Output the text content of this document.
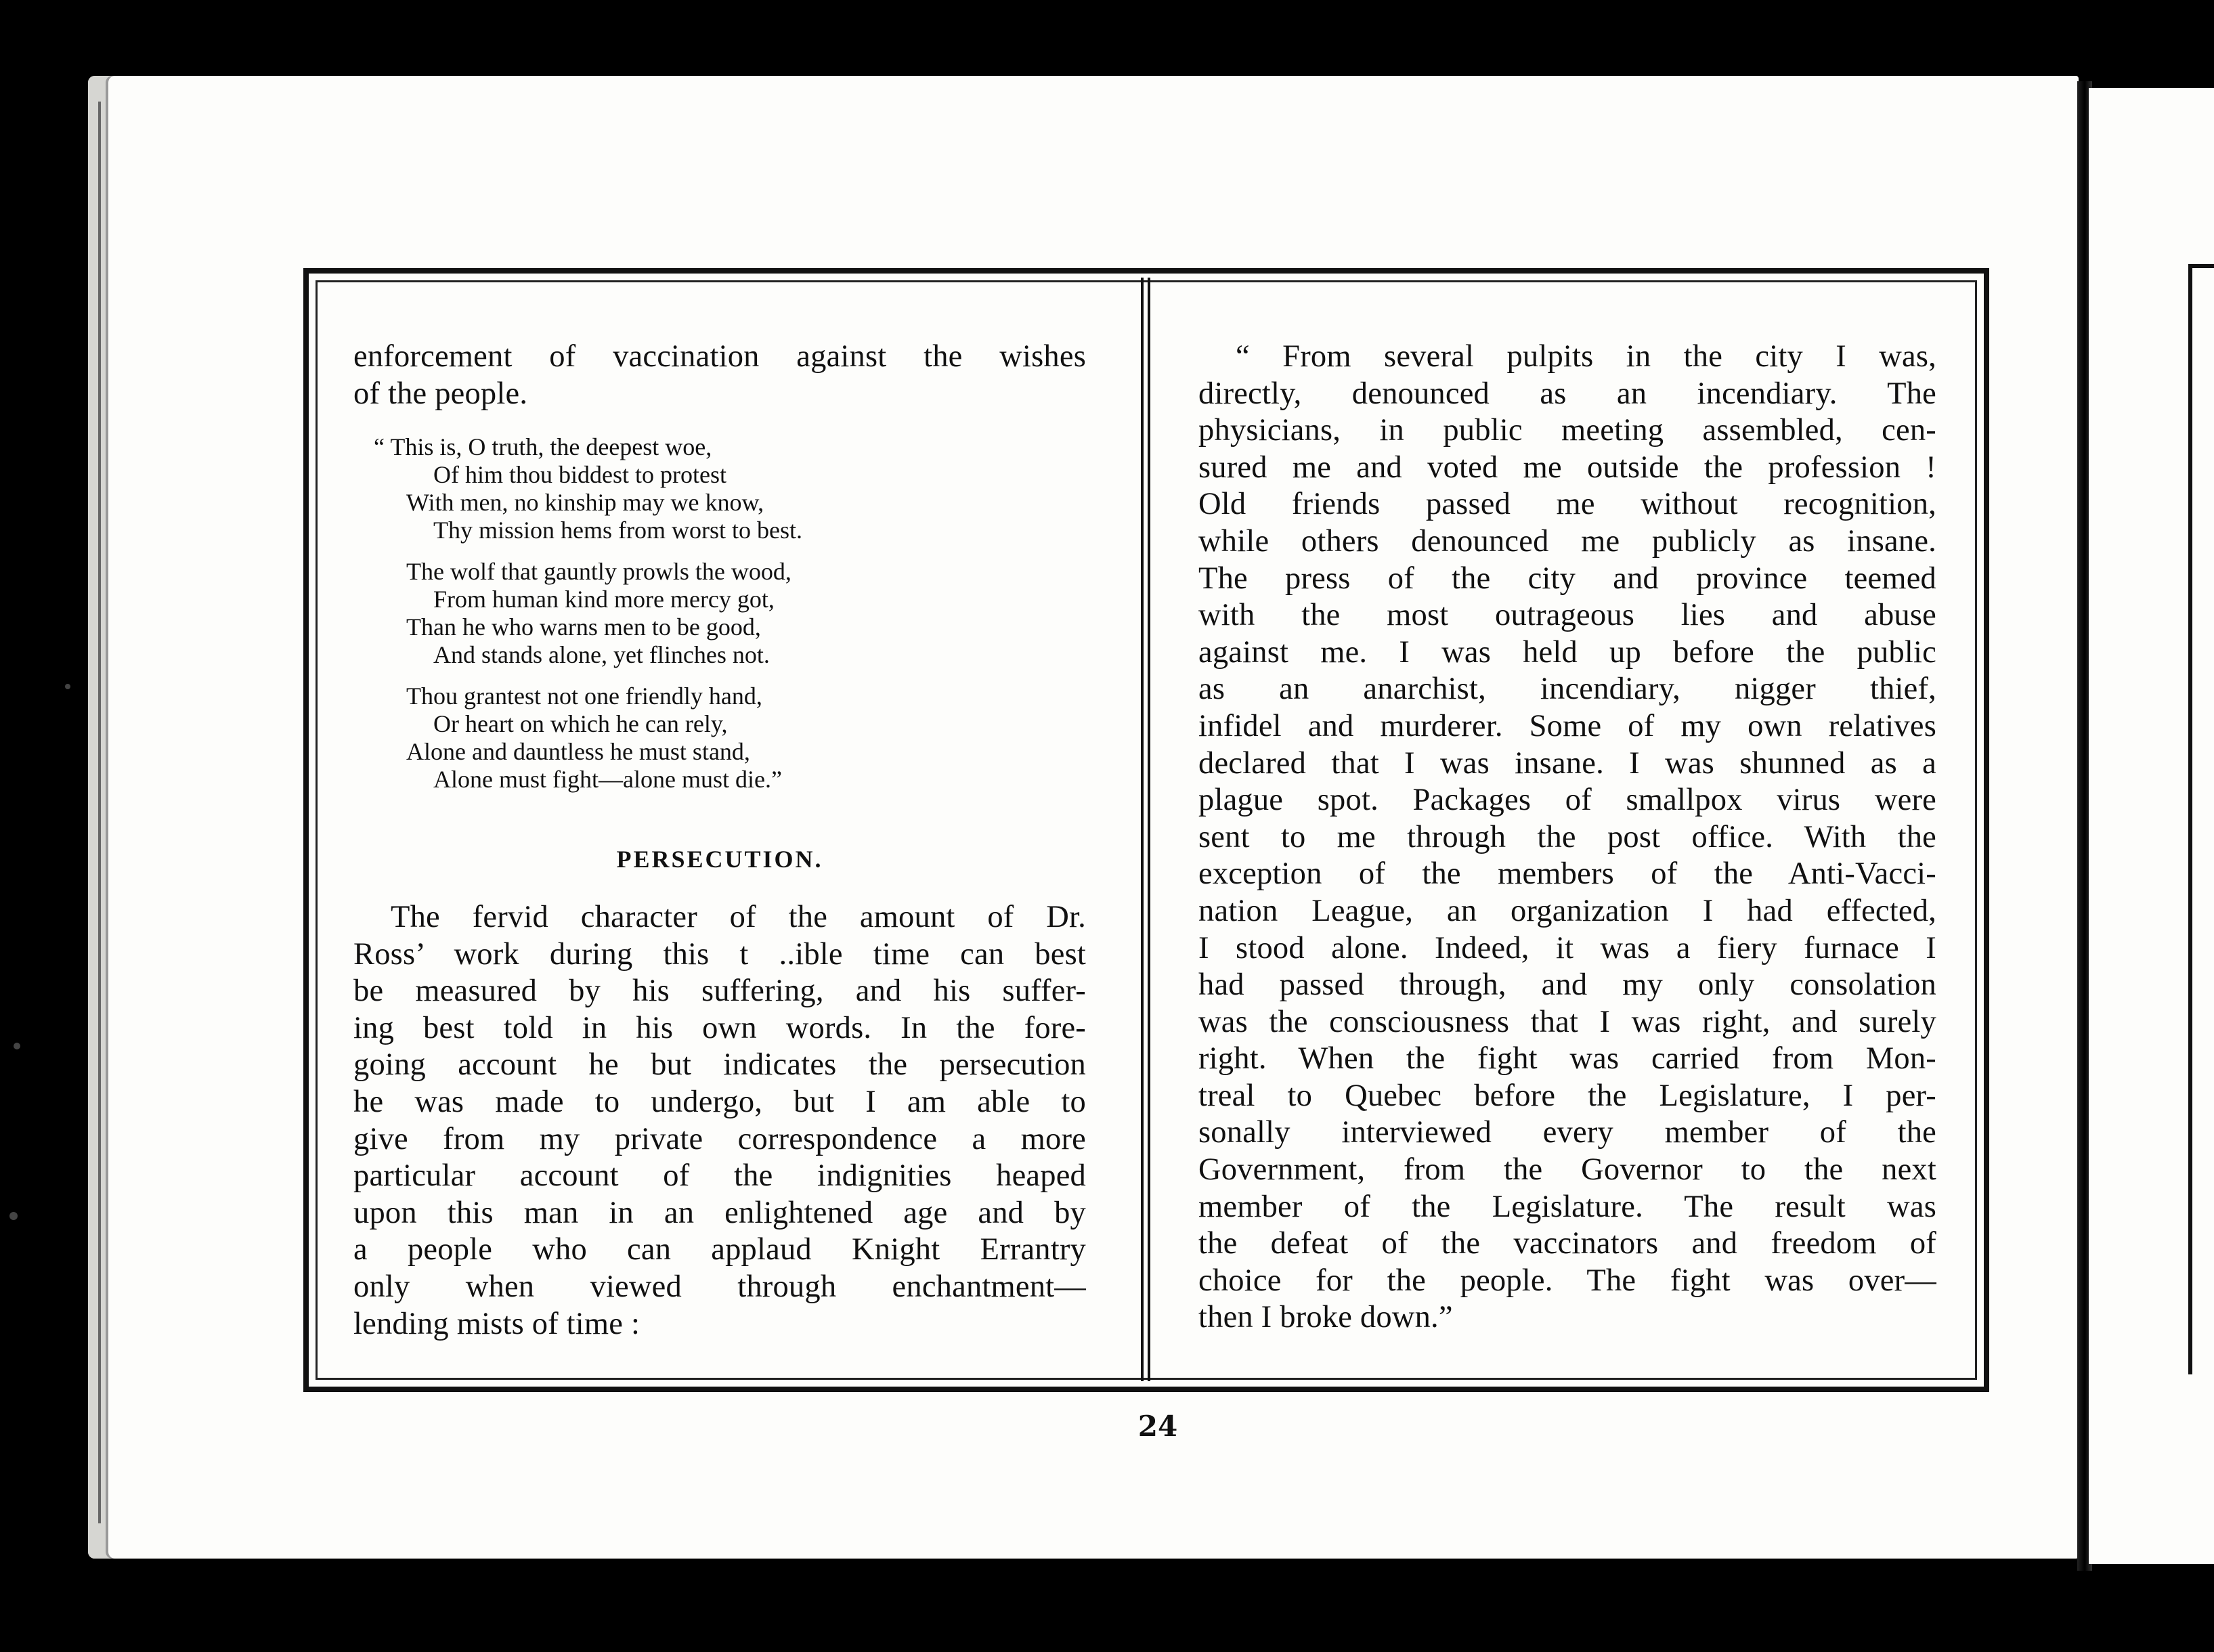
enforcement of vaccination against the wishes
of the people.
“ This is, O truth, the deepest woe,
Of him thou biddest to protest
With men, no kinship may we know,
Thy mission hems from worst to best.
The wolf that gauntly prowls the wood,
From human kind more mercy got,
Than he who warns men to be good,
And stands alone, yet flinches not.
Thou grantest not one friendly hand,
Or heart on which he can rely,
Alone and dauntless he must stand,
Alone must fight—alone must die.”
PERSECUTION.
The fervid character of the amount of Dr.
Ross’ work during this t ..ible time can best
be measured by his suffering, and his suffer-
ing best told in his own words. In the fore-
going account he but indicates the persecution
he was made to undergo, but I am able to
give from my private correspondence a more
particular account of the indignities heaped
upon this man in an enlightened age and by
a people who can applaud Knight Errantry
only when viewed through enchantment—
lending mists of time :
“ From several pulpits in the city I was,
directly, denounced as an incendiary. The
physicians, in public meeting assembled, cen-
sured me and voted me outside the profession !
Old friends passed me without recognition,
while others denounced me publicly as insane.
The press of the city and province teemed
with the most outrageous lies and abuse
against me. I was held up before the public
as an anarchist, incendiary, nigger thief,
infidel and murderer. Some of my own relatives
declared that I was insane. I was shunned as a
plague spot. Packages of smallpox virus were
sent to me through the post office. With the
exception of the members of the Anti-Vacci-
nation League, an organization I had effected,
I stood alone. Indeed, it was a fiery furnace I
had passed through, and my only consolation
was the consciousness that I was right, and surely
right. When the fight was carried from Mon-
treal to Quebec before the Legislature, I per-
sonally interviewed every member of the
Government, from the Governor to the next
member of the Legislature. The result was
the defeat of the vaccinators and freedom of
choice for the people. The fight was over—
then I broke down.”
24
